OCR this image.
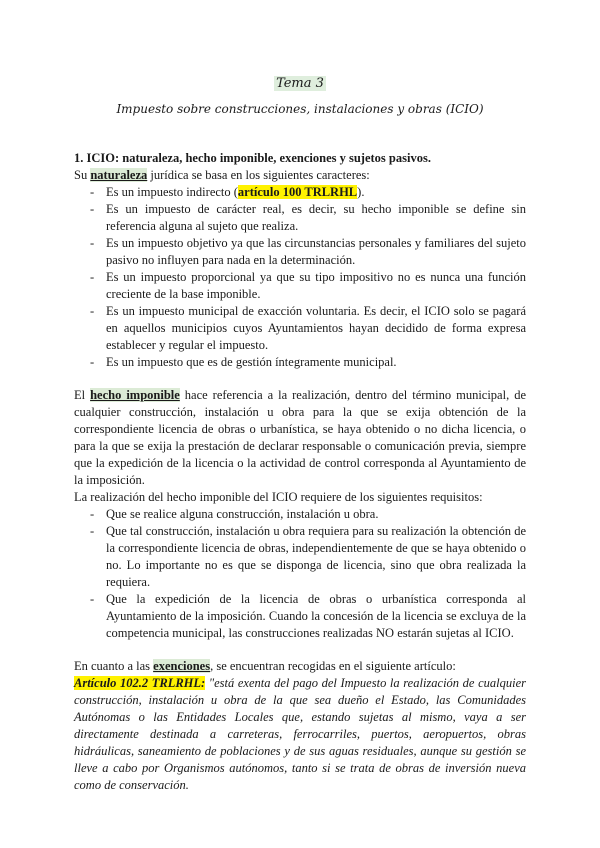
Tema 3
Impuesto sobre construcciones, instalaciones y obras (ICIO)

1. ICIO: naturaleza, hecho imponible, exenciones y sujetos pasivos.

Su naturaleza jurídica se basa en los siguientes caracteres:

- Es un impuesto indirecto (artículo 100 TRLRHL).
- Es un impuesto de carácter real, es decir, su hecho imponible se define sin referencia alguna al sujeto que realiza.
- Es un impuesto objetivo ya que las circunstancias personales y familiares del sujeto pasivo no influyen para nada en la determinación.
- Es un impuesto proporcional ya que su tipo impositivo no es nunca una función creciente de la base imponible.
- Es un impuesto municipal de exacción voluntaria. Es decir, el ICIO solo se pagará en aquellos municipios cuyos Ayuntamientos hayan decidido de forma expresa establecer y regular el impuesto.
- Es un impuesto que es de gestión íntegramente municipal.

El hecho imponible hace referencia a la realización, dentro del término municipal, de cualquier construcción, instalación u obra para la que se exija obtención de la correspondiente licencia de obras o urbanística, se haya obtenido o no dicha licencia, o para la que se exija la prestación de declarar responsable o comunicación previa, siempre que la expedición de la licencia o la actividad de control corresponda al Ayuntamiento de la imposición.

La realización del hecho imponible del ICIO requiere de los siguientes requisitos:

- Que se realice alguna construcción, instalación u obra.
- Que tal construcción, instalación u obra requiera para su realización la obtención de la correspondiente licencia de obras, independientemente de que se haya obtenido o no. Lo importante no es que se disponga de licencia, sino que obra realizada la requiera.
- Que la expedición de la licencia de obras o urbanística corresponda al Ayuntamiento de la imposición. Cuando la concesión de la licencia se excluya de la competencia municipal, las construcciones realizadas NO estarán sujetas al ICIO.

En cuanto a las exenciones, se encuentran recogidas en el siguiente artículo:

Artículo 102.2 TRLRHL: "está exenta del pago del Impuesto la realización de cualquier construcción, instalación u obra de la que sea dueño el Estado, las Comunidades Autónomas o las Entidades Locales que, estando sujetas al mismo, vaya a ser directamente destinada a carreteras, ferrocarriles, puertos, aeropuertos, obras hidráulicas, saneamiento de poblaciones y de sus aguas residuales, aunque su gestión se lleve a cabo por Organismos autónomos, tanto si se trata de obras de inversión nueva como de conservación.
